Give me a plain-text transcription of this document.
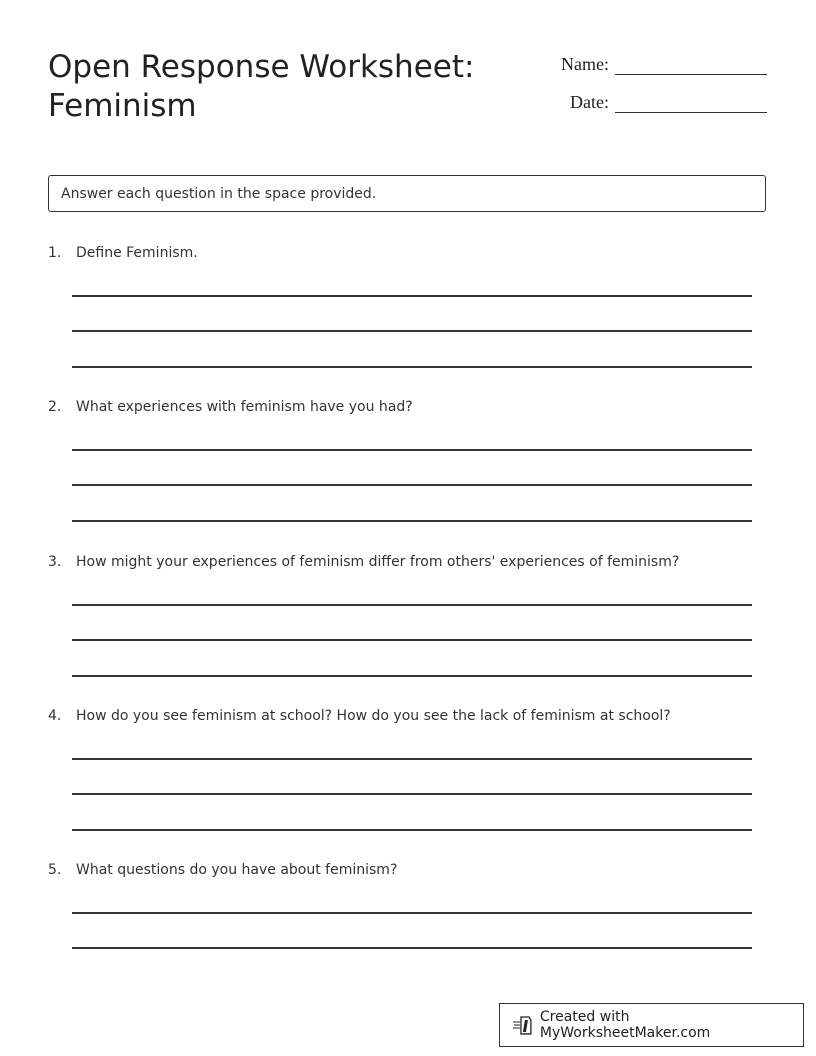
Open Response Worksheet:
Feminism
Name:
Date:
Answer each question in the space provided.
1.	Define Feminism.
2.	What experiences with feminism have you had?
3.	How might your experiences of feminism differ from others' experiences of feminism?
4.	How do you see feminism at school? How do you see the lack of feminism at school?
5.	What questions do you have about feminism?
Created with MyWorksheetMaker.com
